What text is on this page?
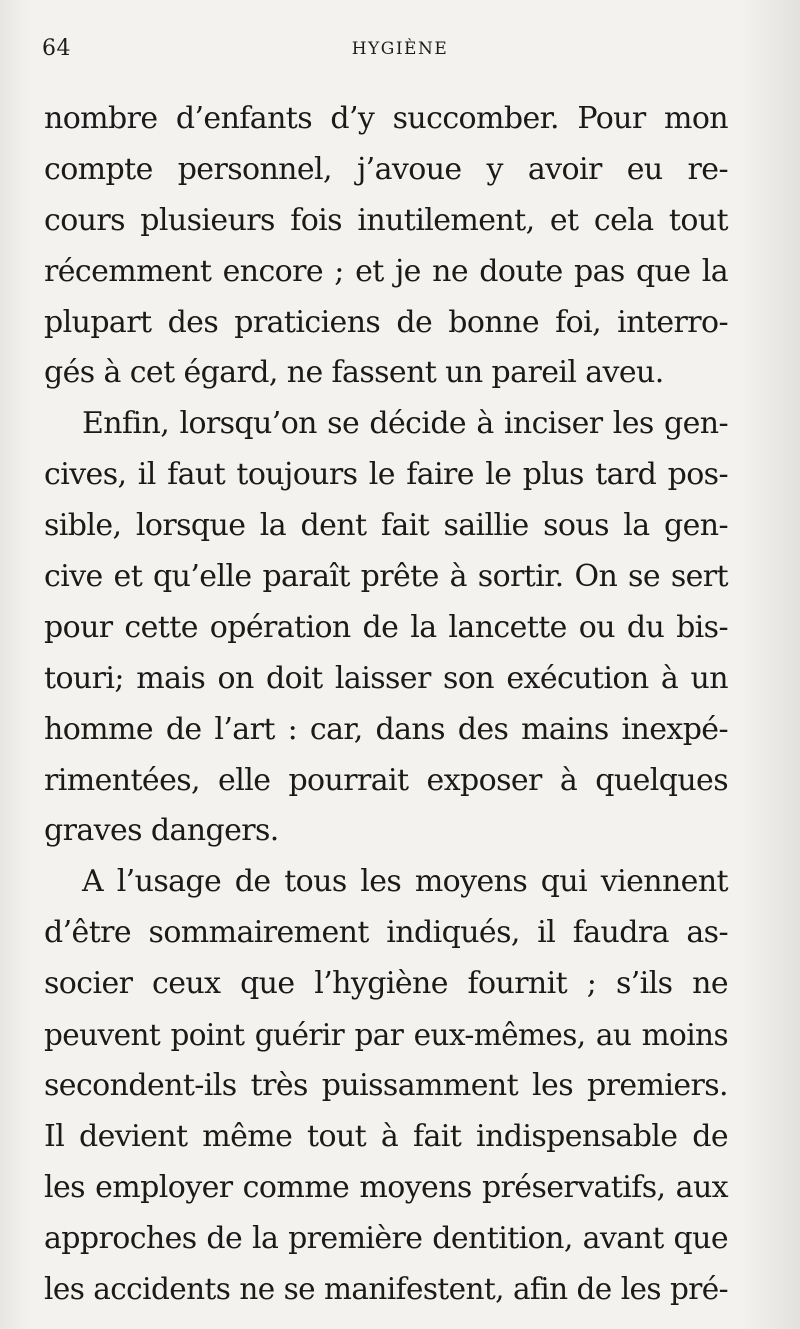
64	HYGIÈNE
nombre d’enfants d’y succomber. Pour mon
compte personnel, j’avoue y avoir eu re-
cours plusieurs fois inutilement, et cela tout
récemment encore ; et je ne doute pas que la
plupart des praticiens de bonne foi, interro-
gés à cet égard, ne fassent un pareil aveu.
Enfin, lorsqu’on se décide à inciser les gen-
cives, il faut toujours le faire le plus tard pos-
sible, lorsque la dent fait saillie sous la gen-
cive et qu’elle paraît prête à sortir. On se sert
pour cette opération de la lancette ou du bis-
touri; mais on doit laisser son exécution à un
homme de l’art : car, dans des mains inexpé-
rimentées, elle pourrait exposer à quelques
graves dangers.
A l’usage de tous les moyens qui viennent
d’être sommairement indiqués, il faudra as-
socier ceux que l’hygiène fournit ; s’ils ne
peuvent point guérir par eux-mêmes, au moins
secondent-ils très puissamment les premiers.
Il devient même tout à fait indispensable de
les employer comme moyens préservatifs, aux
approches de la première dentition, avant que
les accidents ne se manifestent, afin de les pré-
